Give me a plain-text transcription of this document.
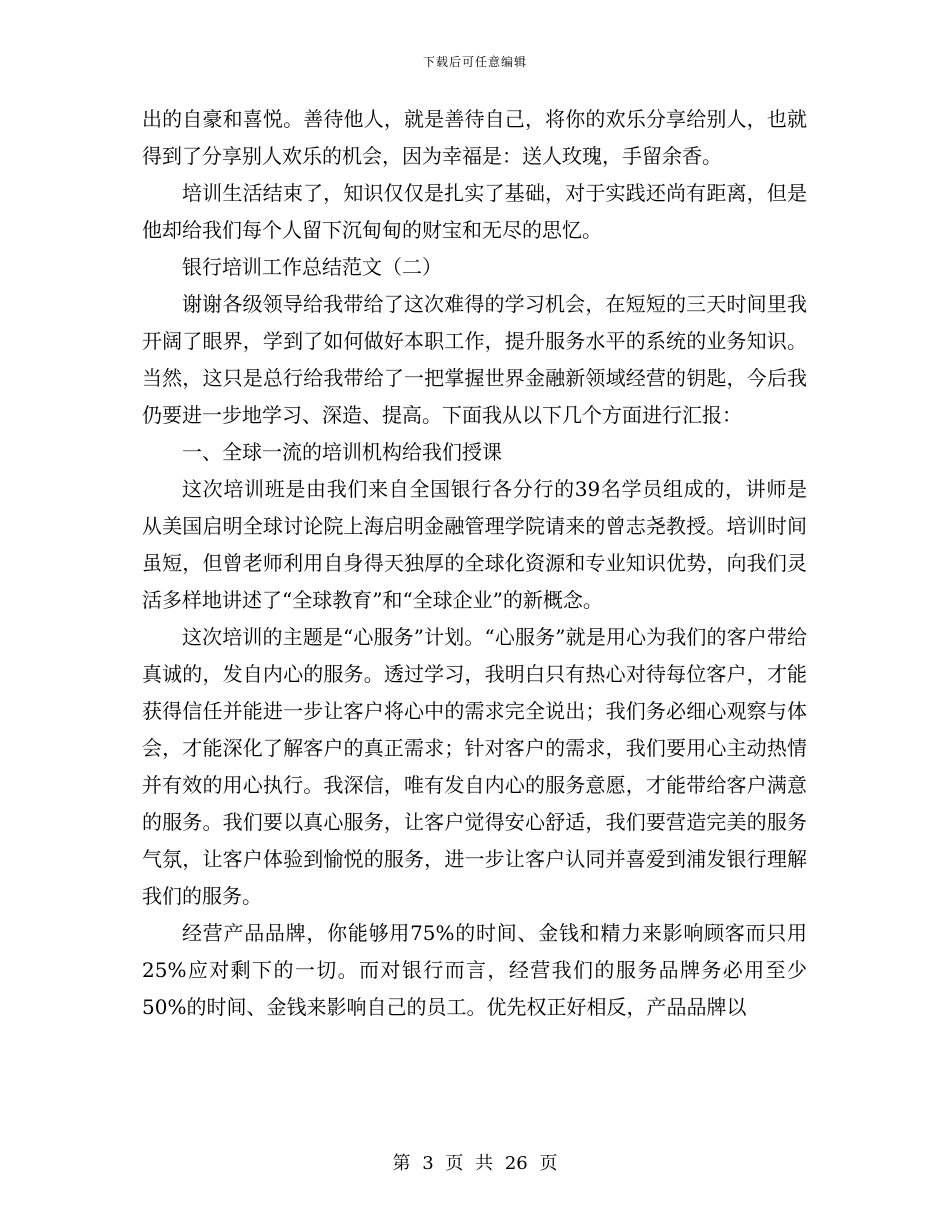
下载后可任意编辑

出的自豪和喜悦。善待他人，就是善待自己，将你的欢乐分享给别人，也就得到了分享别人欢乐的机会，因为幸福是：送人玫瑰，手留余香。

培训生活结束了，知识仅仅是扎实了基础，对于实践还尚有距离，但是他却给我们每个人留下沉甸甸的财宝和无尽的思忆。

银行培训工作总结范文（二）

谢谢各级领导给我带给了这次难得的学习机会，在短短的三天时间里我开阔了眼界，学到了如何做好本职工作，提升服务水平的系统的业务知识。当然，这只是总行给我带给了一把掌握世界金融新领域经营的钥匙，今后我仍要进一步地学习、深造、提高。下面我从以下几个方面进行汇报：

一、全球一流的培训机构给我们授课

这次培训班是由我们来自全国银行各分行的39名学员组成的，讲师是从美国启明全球讨论院上海启明金融管理学院请来的曾志尧教授。培训时间虽短，但曾老师利用自身得天独厚的全球化资源和专业知识优势，向我们灵活多样地讲述了“全球教育”和“全球企业”的新概念。

这次培训的主题是“心服务”计划。“心服务”就是用心为我们的客户带给真诚的，发自内心的服务。透过学习，我明白只有热心对待每位客户，才能获得信任并能进一步让客户将心中的需求完全说出；我们务必细心观察与体会，才能深化了解客户的真正需求；针对客户的需求，我们要用心主动热情并有效的用心执行。我深信，唯有发自内心的服务意愿，才能带给客户满意的服务。我们要以真心服务，让客户觉得安心舒适，我们要营造完美的服务气氛，让客户体验到愉悦的服务，进一步让客户认同并喜爱到浦发银行理解我们的服务。

经营产品品牌，你能够用75%的时间、金钱和精力来影响顾客而只用25%应对剩下的一切。而对银行而言，经营我们的服务品牌务必用至少50%的时间、金钱来影响自己的员工。优先权正好相反，产品品牌以

第 3 页 共 26 页
